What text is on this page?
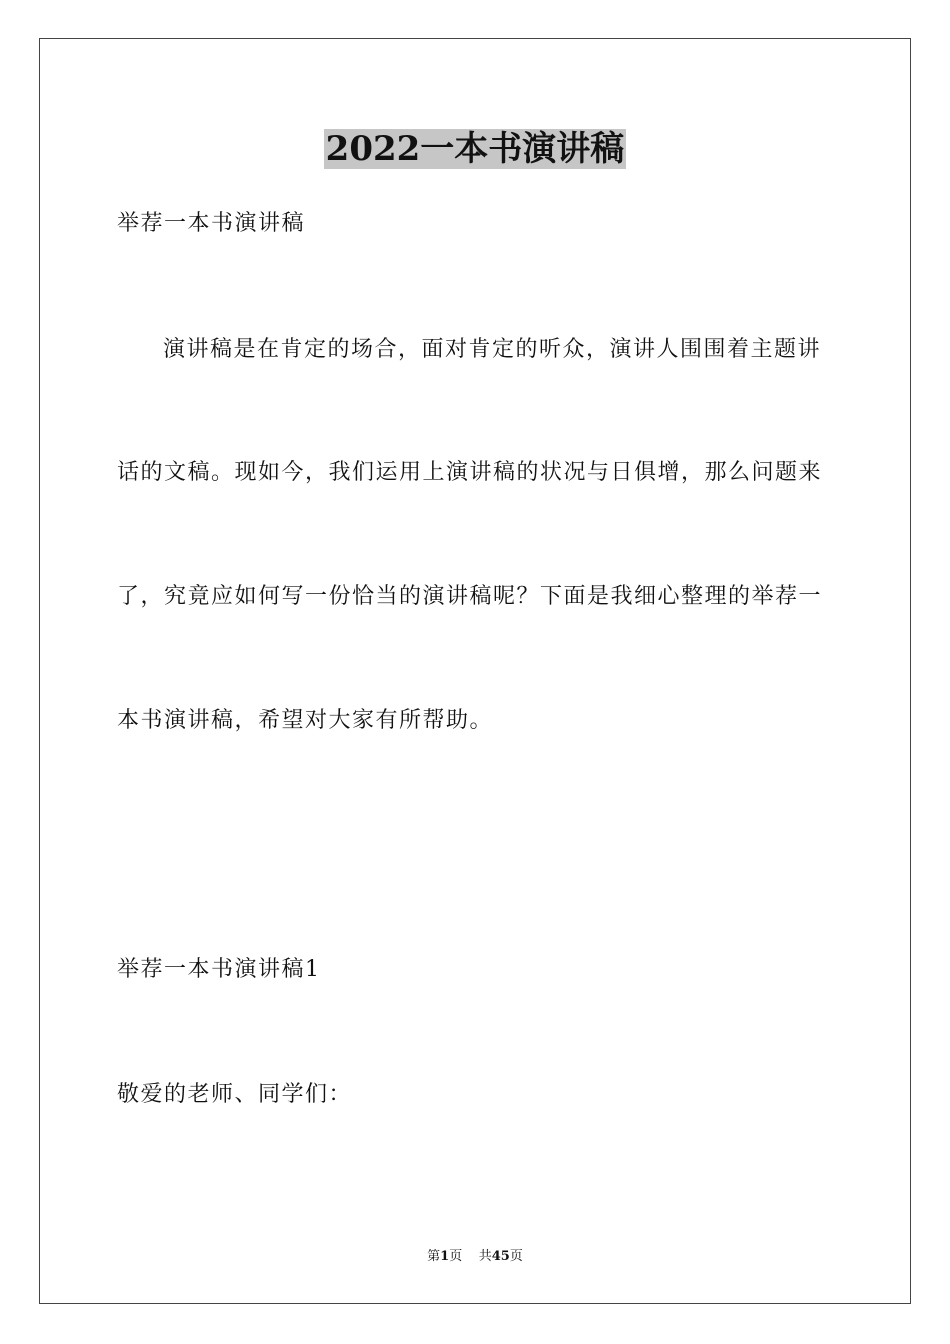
2022一本书演讲稿
举荐一本书演讲稿
演讲稿是在肯定的场合，面对肯定的听众，演讲人围围着主题讲
话的文稿。现如今，我们运用上演讲稿的状况与日俱增，那么问题来
了，究竟应如何写一份恰当的演讲稿呢？下面是我细心整理的举荐一
本书演讲稿，希望对大家有所帮助。
举荐一本书演讲稿1
敬爱的老师、同学们：
第1页 共45页
